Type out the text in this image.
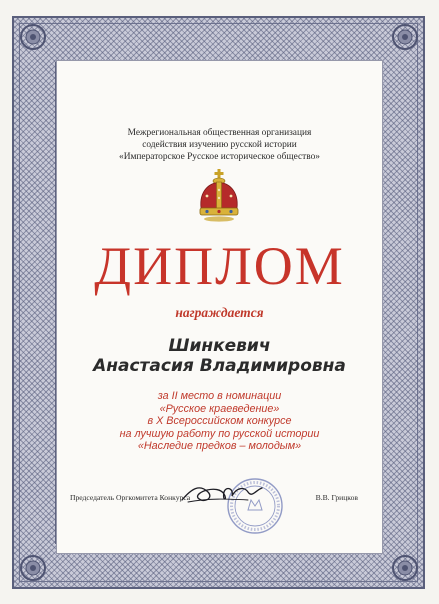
Межрегиональная общественная организация
содействия изучению русской истории
«Императорское Русское историческое общество»
ДИПЛОМ
награждается
Шинкевич
Анастасия Владимировна
за II место в номинации
«Русское краеведение»
в X Всероссийском конкурсе
на лучшую работу по русской истории
«Наследие предков – молодым»
Председатель Оргкомитета Конкурса	В.В. Грицков
